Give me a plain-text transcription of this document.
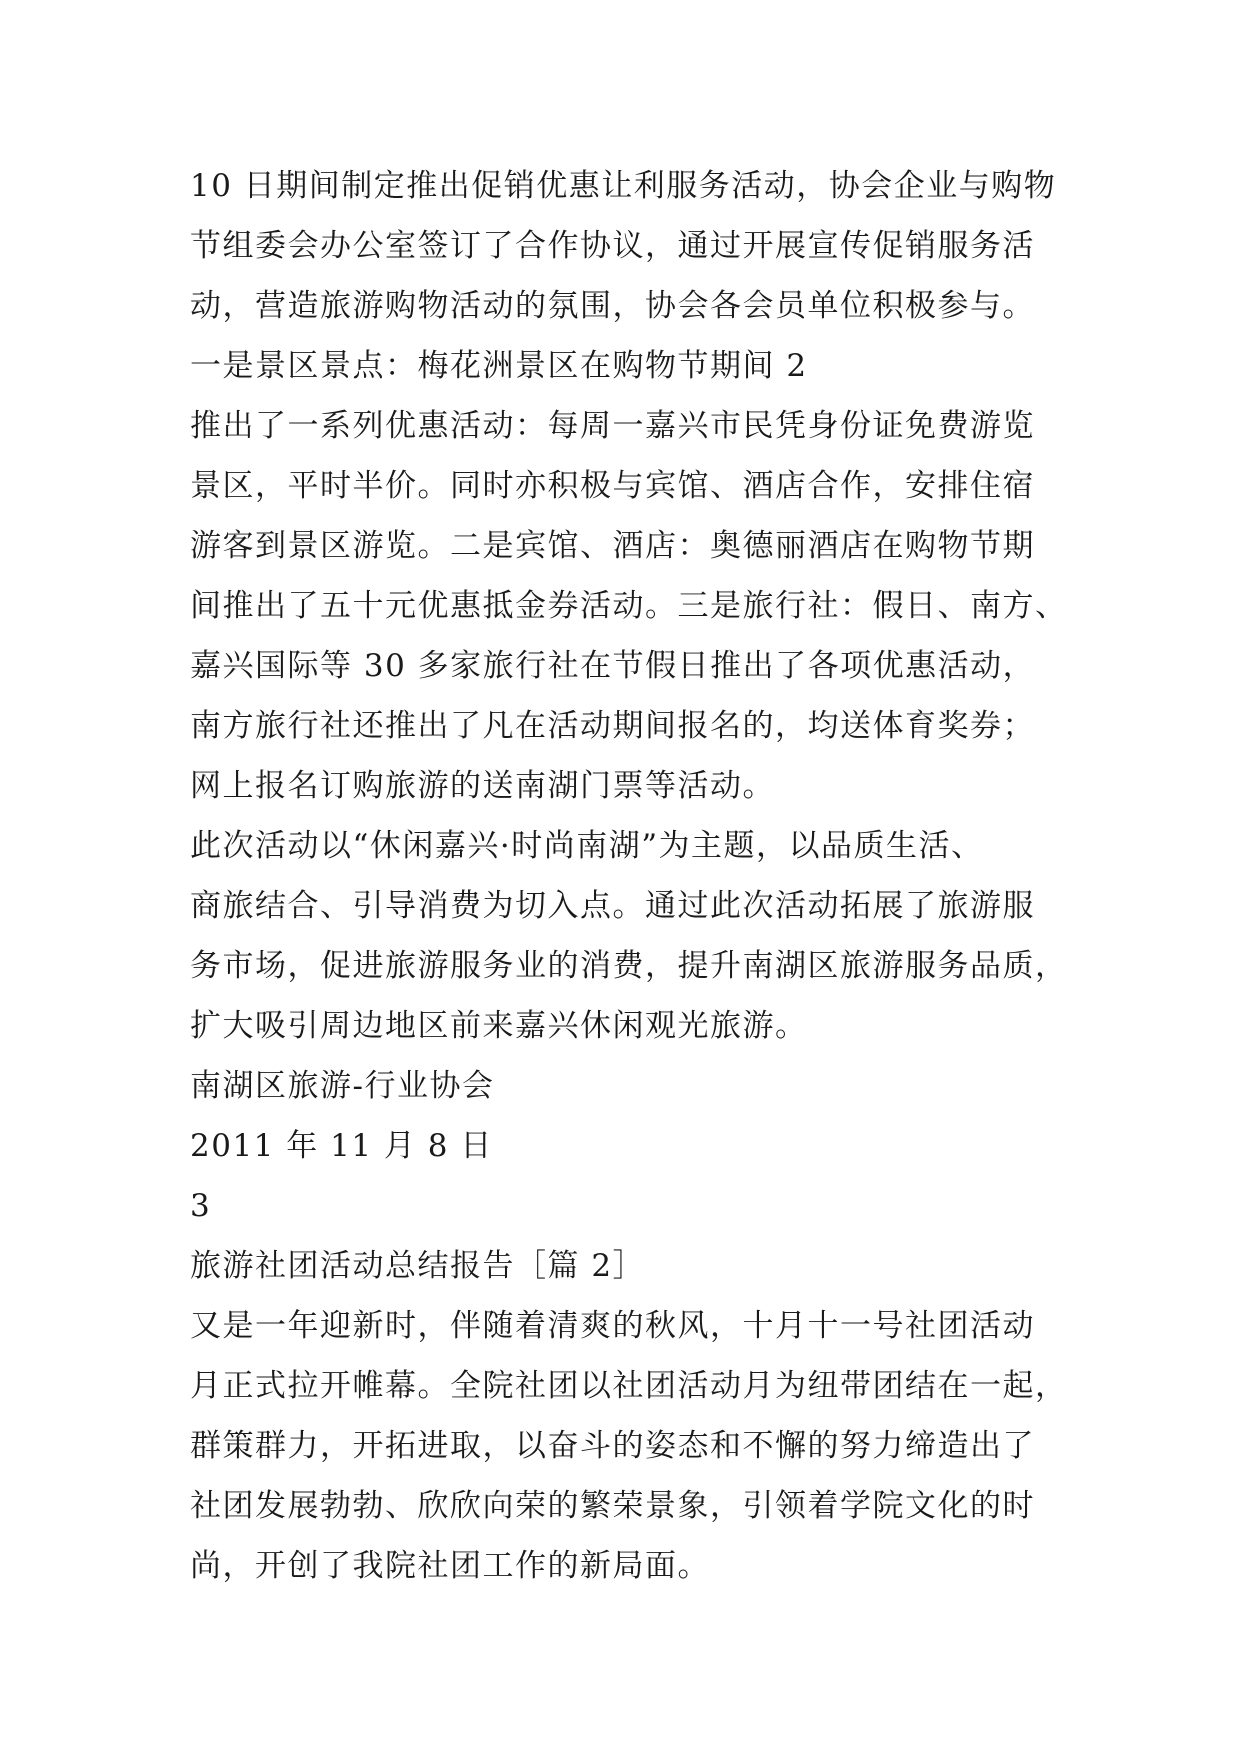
10 日期间制定推出促销优惠让利服务活动，协会企业与购物
节组委会办公室签订了合作协议，通过开展宣传促销服务活
动，营造旅游购物活动的氛围，协会各会员单位积极参与。
一是景区景点：梅花洲景区在购物节期间 2
推出了一系列优惠活动：每周一嘉兴市民凭身份证免费游览
景区，平时半价。同时亦积极与宾馆、酒店合作，安排住宿
游客到景区游览。二是宾馆、酒店：奥德丽酒店在购物节期
间推出了五十元优惠抵金券活动。三是旅行社：假日、南方、
嘉兴国际等 30 多家旅行社在节假日推出了各项优惠活动，
南方旅行社还推出了凡在活动期间报名的，均送体育奖券；
网上报名订购旅游的送南湖门票等活动。
此次活动以“休闲嘉兴·时尚南湖”为主题，以品质生活、
商旅结合、引导消费为切入点。通过此次活动拓展了旅游服
务市场，促进旅游服务业的消费，提升南湖区旅游服务品质，
扩大吸引周边地区前来嘉兴休闲观光旅游。
南湖区旅游-行业协会
2011 年 11 月 8 日
3
旅游社团活动总结报告［篇 2］
又是一年迎新时，伴随着清爽的秋风，十月十一号社团活动
月正式拉开帷幕。全院社团以社团活动月为纽带团结在一起，
群策群力，开拓进取，以奋斗的姿态和不懈的努力缔造出了
社团发展勃勃、欣欣向荣的繁荣景象，引领着学院文化的时
尚，开创了我院社团工作的新局面。
